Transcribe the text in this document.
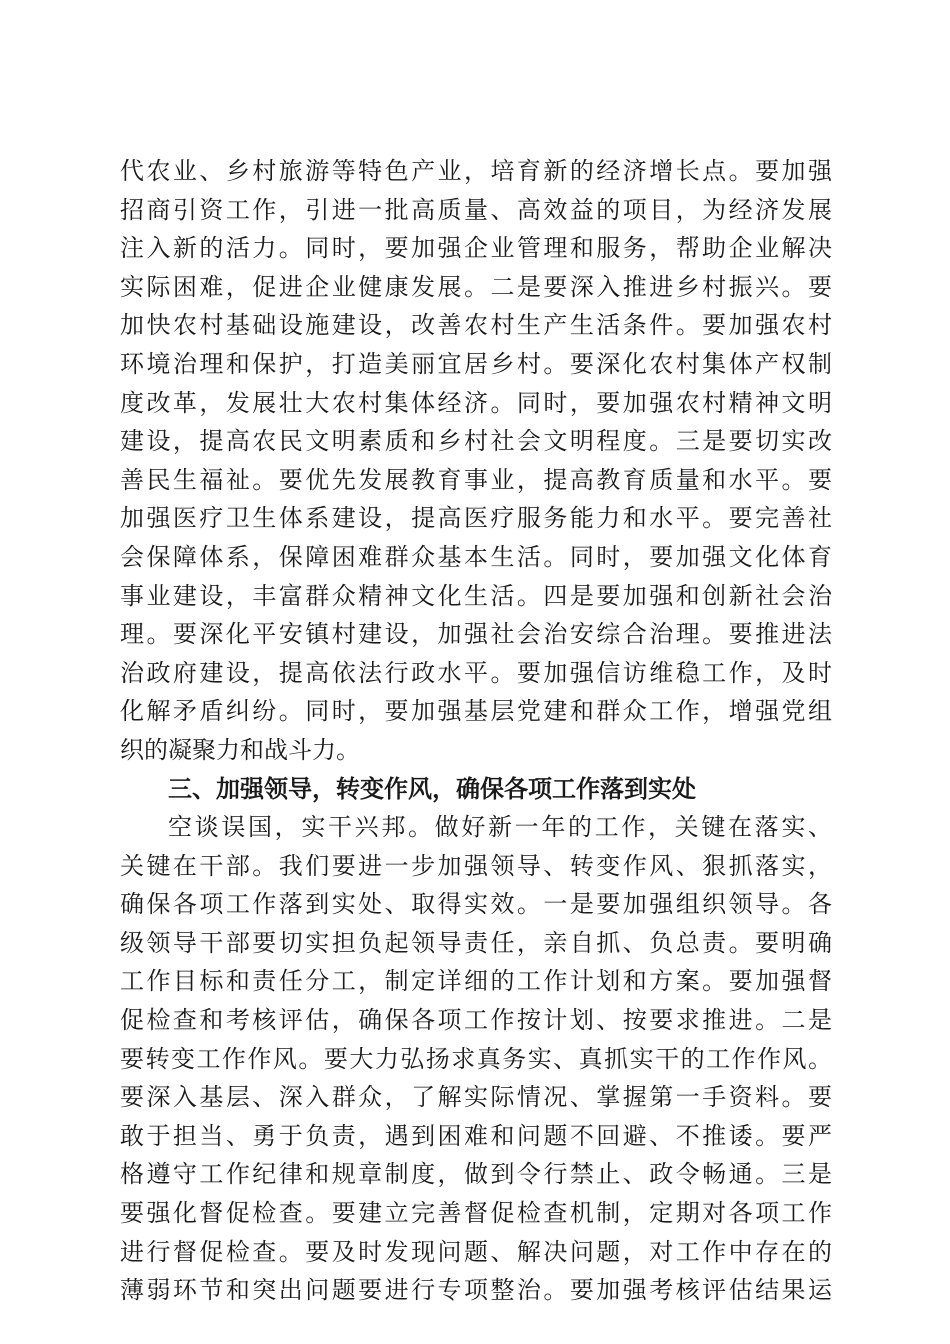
代农业、乡村旅游等特色产业，培育新的经济增长点。要加强
招商引资工作，引进一批高质量、高效益的项目，为经济发展
注入新的活力。同时，要加强企业管理和服务，帮助企业解决
实际困难，促进企业健康发展。二是要深入推进乡村振兴。要
加快农村基础设施建设，改善农村生产生活条件。要加强农村
环境治理和保护，打造美丽宜居乡村。要深化农村集体产权制
度改革，发展壮大农村集体经济。同时，要加强农村精神文明
建设，提高农民文明素质和乡村社会文明程度。三是要切实改
善民生福祉。要优先发展教育事业，提高教育质量和水平。要
加强医疗卫生体系建设，提高医疗服务能力和水平。要完善社
会保障体系，保障困难群众基本生活。同时，要加强文化体育
事业建设，丰富群众精神文化生活。四是要加强和创新社会治
理。要深化平安镇村建设，加强社会治安综合治理。要推进法
治政府建设，提高依法行政水平。要加强信访维稳工作，及时
化解矛盾纠纷。同时，要加强基层党建和群众工作，增强党组
织的凝聚力和战斗力。
三、加强领导，转变作风，确保各项工作落到实处
空谈误国，实干兴邦。做好新一年的工作，关键在落实、
关键在干部。我们要进一步加强领导、转变作风、狠抓落实，
确保各项工作落到实处、取得实效。一是要加强组织领导。各
级领导干部要切实担负起领导责任，亲自抓、负总责。要明确
工作目标和责任分工，制定详细的工作计划和方案。要加强督
促检查和考核评估，确保各项工作按计划、按要求推进。二是
要转变工作作风。要大力弘扬求真务实、真抓实干的工作作风。
要深入基层、深入群众，了解实际情况、掌握第一手资料。要
敢于担当、勇于负责，遇到困难和问题不回避、不推诿。要严
格遵守工作纪律和规章制度，做到令行禁止、政令畅通。三是
要强化督促检查。要建立完善督促检查机制，定期对各项工作
进行督促检查。要及时发现问题、解决问题，对工作中存在的
薄弱环节和突出问题要进行专项整治。要加强考核评估结果运
